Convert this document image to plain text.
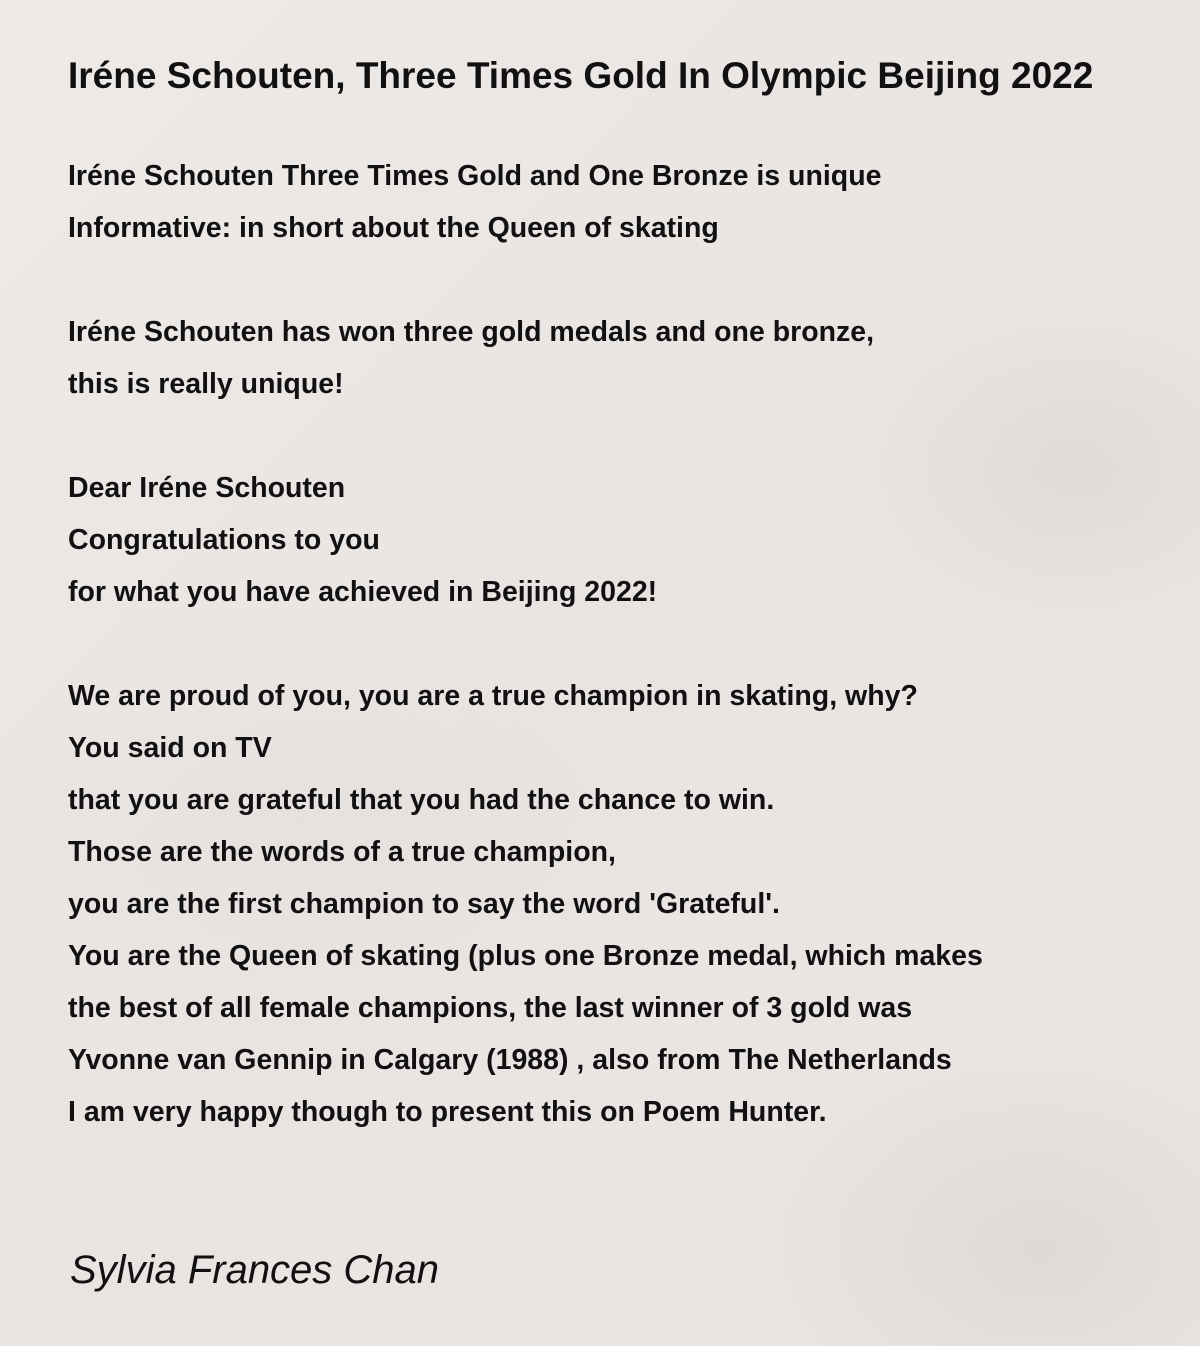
Iréne Schouten, Three Times Gold In Olympic Beijing 2022
Iréne Schouten Three Times Gold and One Bronze is unique
Informative: in short about the Queen of skating
Iréne Schouten has won three gold medals and one bronze,
this is really unique!
Dear Iréne Schouten
Congratulations to you
for what you have achieved in Beijing 2022!
We are proud of you, you are a true champion in skating, why?
You said on TV
that you are grateful that you had the chance to win.
Those are the words of a true champion,
you are the first champion to say the word 'Grateful'.
You are the Queen of skating (plus one Bronze medal, which makes
the best of all female champions, the last winner of 3 gold was
Yvonne van Gennip in Calgary (1988) , also from The Netherlands
I am very happy though to present this on Poem Hunter.

Sylvia Frances Chan
